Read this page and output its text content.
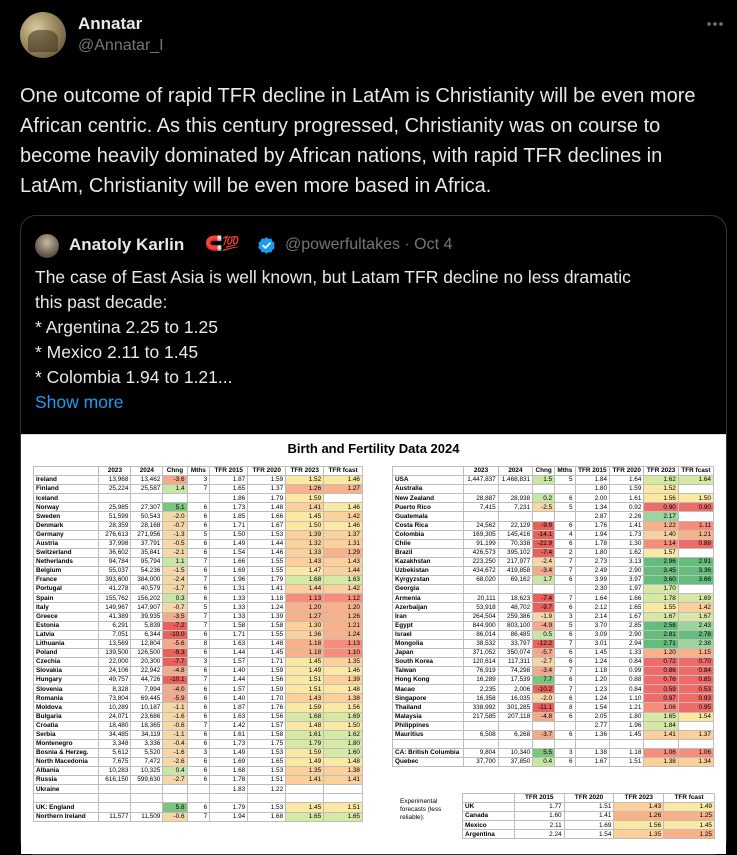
Annatar
@Annatar_I
One outcome of rapid TFR decline in LatAm is Christianity will be even more African centric. As this century progressed, Christianity was on course to become heavily dominated by African nations, with rapid TFR declines in LatAm, Christianity will be even more based in Africa.
Anatoly Karlin 🧲💯	@powerfultakes · Oct 4
The case of East Asia is well known, but Latam TFR decline no less dramatic
this past decade:
* Argentina 2.25 to 1.25
* Mexico 2.11 to 1.45
* Colombia 1.94 to 1.21...
Show more
Birth and Fertility Data 2024
	2023	2024	Chng	Mths	TFR 2015	TFR 2020	TFR 2023	TFR fcast
Ireland	13,968	13,462	-3.6	3	1.87	1.59	1.52	1.46
Finland	25,224	25,587	1.4	7	1.65	1.37	1.26	1.27
Iceland					1.86	1.79	1.59	
Norway	25,985	27,307	5.1	6	1.73	1.48	1.41	1.46
Sweden	51,599	50,543	-2.0	6	1.85	1.66	1.45	1.42
Denmark	28,359	28,168	-0.7	6	1.71	1.67	1.50	1.46
Germany	276,613	271,956	-1.3	5	1.50	1.53	1.39	1.37
Austria	37,998	37,791	-0.5	6	1.49	1.44	1.32	1.31
Switzerland	36,602	35,841	-2.1	6	1.54	1.46	1.33	1.29
Netherlands	94,784	95,794	1.1	7	1.66	1.55	1.43	1.43
Belgium	55,037	54,236	-1.5	6	1.69	1.55	1.47	1.44
France	393,600	384,000	-2.4	7	1.96	1.79	1.68	1.63
Portugal	41,278	40,579	-1.7	6	1.31	1.41	1.44	1.42
Spain	155,762	156,202	0.3	6	1.33	1.18	1.13	1.12
Italy	149,967	147,907	-0.7	5	1.33	1.24	1.20	1.20
Greece	41,389	39,935	-3.5	7	1.33	1.39	1.27	1.26
Estonia	6,291	5,839	-7.2	7	1.58	1.58	1.30	1.21
Latvia	7,051	6,344	-10.0	6	1.71	1.55	1.36	1.24
Lithuania	13,569	12,804	-5.6	8	1.63	1.48	1.18	1.13
Poland	139,500	126,500	-9.3	6	1.44	1.45	1.18	1.10
Czechia	22,000	20,300	-7.7	3	1.57	1.71	1.45	1.35
Slovakia	24,106	22,942	-4.8	6	1.40	1.59	1.49	1.46
Hungary	49,757	44,726	-10.1	7	1.44	1.56	1.51	1.39
Slovenia	8,328	7,994	-4.0	6	1.57	1.59	1.51	1.48
Romania	73,804	69,445	-5.9	6	1.40	1.70	1.43	1.38
Moldova	10,289	10,187	-1.1	6	1.87	1.76	1.59	1.56
Bulgaria	24,071	23,686	-1.6	6	1.63	1.56	1.68	1.69
Croatia	18,480	18,365	-0.6	7	1.42	1.57	1.48	1.50
Serbia	34,485	34,119	-1.1	6	1.61	1.58	1.61	1.62
Montenegro	3,348	3,336	-0.4	6	1.73	1.75	1.79	1.80
Bosnia & Herzeg.	5,612	5,520	-1.6	3	1.49	1.53	1.59	1.60
North Macedonia	7,675	7,472	-2.6	6	1.69	1.65	1.49	1.48
Albania	10,283	10,325	0.4	6	1.68	1.53	1.35	1.38
Russia	616,150	599,630	-2.7	6	1.78	1.51	1.41	1.41
Ukraine					1.83	1.22		

UK: England			5.8	6	1.79	1.53	1.45	1.51
Northern Ireland	11,577	11,509	-0.6	7	1.94	1.68	1.65	1.65
	2023	2024	Chng	Mths	TFR 2015	TFR 2020	TFR 2023	TFR fcast
USA	1,447,837	1,468,831	1.5	5	1.84	1.64	1.62	1.64
Australia					1.80	1.59	1.52	
New Zealand	28,887	28,938	0.2	6	2.00	1.61	1.56	1.50
Puerto Rico	7,415	7,231	-2.5	5	1.34	0.92	0.90	0.90
Guatemala					2.87	2.26	2.17	
Costa Rica	24,562	22,129	-9.9	6	1.76	1.41	1.22	1.11
Colombia	169,305	145,416	-14.1	4	1.94	1.73	1.40	1.21
Chile	91,199	70,338	-22.9	6	1.78	1.30	1.14	0.88
Brazil	426,573	395,102	-7.4	2	1.80	1.62	1.57	
Kazakhstan	223,250	217,977	-2.4	7	2.73	3.13	2.96	2.91
Uzbekistan	434,672	419,858	-3.4	7	2.49	2.90	3.45	3.36
Kyrgyzstan	68,020	69,162	1.7	6	3.99	3.97	3.60	3.66
Georgia					2.30	1.97	1.70	
Armenia	20,111	18,623	-7.4	7	1.64	1.66	1.78	1.69
Azerbaijan	53,918	48,702	-9.7	6	2.12	1.65	1.55	1.42
Iran	264,504	259,386	-1.9	3	2.14	1.67	1.67	1.67
Egypt	844,900	803,100	-4.9	5	3.70	2.85	2.58	2.43
Israel	86,014	86,485	0.5	6	3.09	2.90	2.81	2.78
Mongolia	38,532	33,797	-12.2	7	3.01	2.94	2.71	2.38
Japan	371,052	350,074	-5.7	6	1.45	1.33	1.20	1.15
South Korea	120,614	117,311	-2.7	6	1.24	0.84	0.72	0.70
Taiwan	76,919	74,298	-3.4	7	1.18	0.99	0.86	0.84
Hong Kong	16,289	17,539	7.7	6	1.20	0.88	0.76	0.85
Macao	2,235	2,006	-10.2	7	1.23	0.84	0.59	0.53
Singapore	16,358	16,035	-2.0	6	1.24	1.10	0.97	0.93
Thailand	338,992	301,285	-11.1	8	1.54	1.21	1.06	0.95
Malaysia	217,585	207,118	-4.8	6	2.05	1.80	1.65	1.54
Philippines					2.77	1.96	1.84	
Mauritius	6,508	6,268	-3.7	6	1.36	1.45	1.41	1.37

CA: British Columbia	9,804	10,340	5.5	3	1.38	1.18	1.06	1.06
Quebec	37,700	37,850	0.4	6	1.67	1.51	1.38	1.34
Experimental forecasts (less reliable):
	TFR 2015	TFR 2020	TFR 2023	TFR fcast
UK	1.77	1.51	1.43	1.49
Canada	1.60	1.41	1.26	1.25
Mexico	2.11	1.69	1.56	1.45
Argentina	2.24	1.54	1.35	1.25
